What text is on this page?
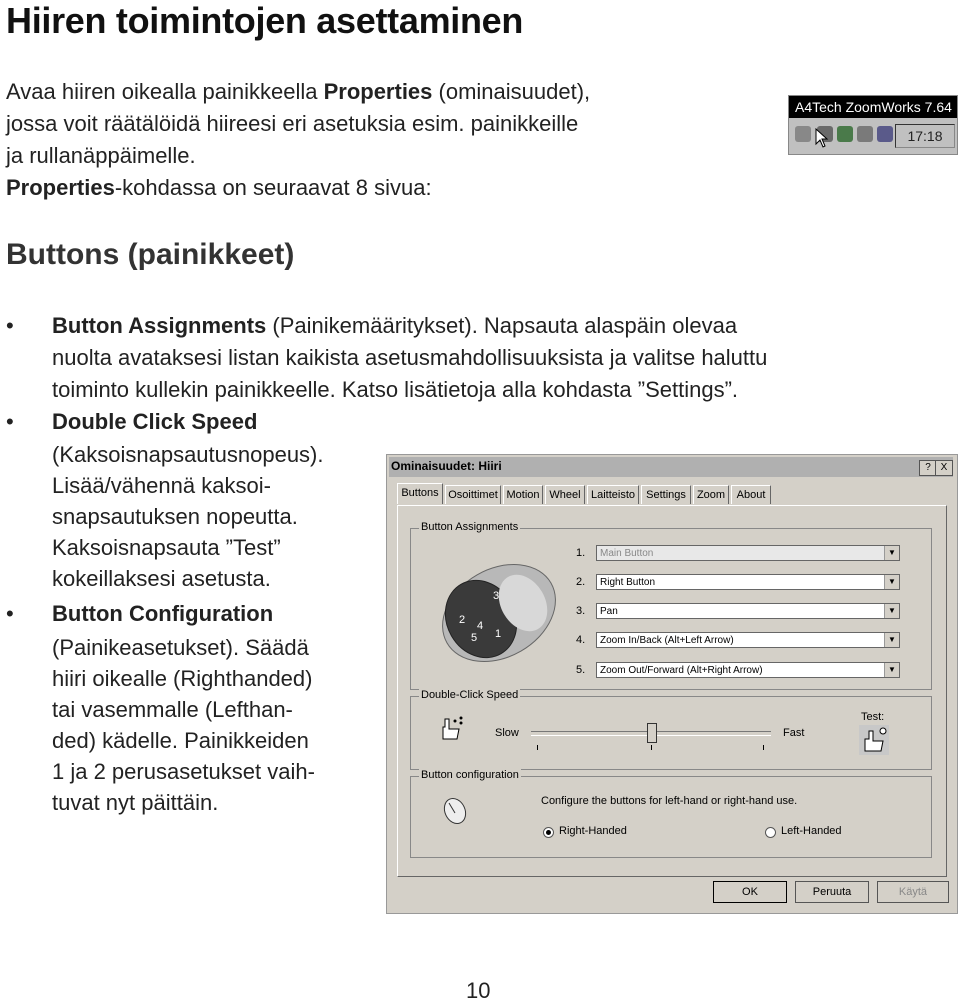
Hiiren toimintojen asettaminen
Avaa hiiren oikealla painikkeella Properties (ominaisuudet),
jossa voit räätälöidä hiireesi eri asetuksia esim. painikkeille
ja rullanäppäimelle.
Properties-kohdassa on seuraavat 8 sivua:
A4Tech ZoomWorks 7.64
17:18
Buttons (painikkeet)
•	Button Assignments (Painikemääritykset). Napsauta alaspäin olevaa
nuolta avataksesi listan kaikista asetusmahdollisuuksista ja valitse haluttu
toiminto kullekin painikkeelle. Katso lisätietoja alla kohdasta ”Settings”.
•	Double Click Speed
(Kaksoisnapsautusnopeus).
Lisää/vähennä kaksoi-
snapsautuksen nopeutta.
Kaksoisnapsauta ”Test”
kokeillaksesi asetusta.
•	Button Configuration
(Painikeasetukset). Säädä
hiiri oikealle (Righthanded)
tai vasemmalle (Lefthan-
ded) kädelle. Painikkeiden
1 ja 2 perusasetukset vaih-
tuvat nyt päittäin.
Ominaisuudet: Hiiri	? X
Buttons Osoittimet Motion Wheel Laitteisto	Settings	Zoom	About
Button Assignments
3
2 4
5 1
1.	Main Button	▼
2.	Right Button	▼
3.	Pan	▼
4.	Zoom In/Back (Alt+Left Arrow)	▼
5.	Zoom Out/Forward (Alt+Right Arrow)	▼
Double-Click Speed
Slow	Fast
Test:
Button configuration
Configure the buttons for left-hand or right-hand use.
Right-Handed	Left-Handed
OK	Peruuta	Käytä
10
